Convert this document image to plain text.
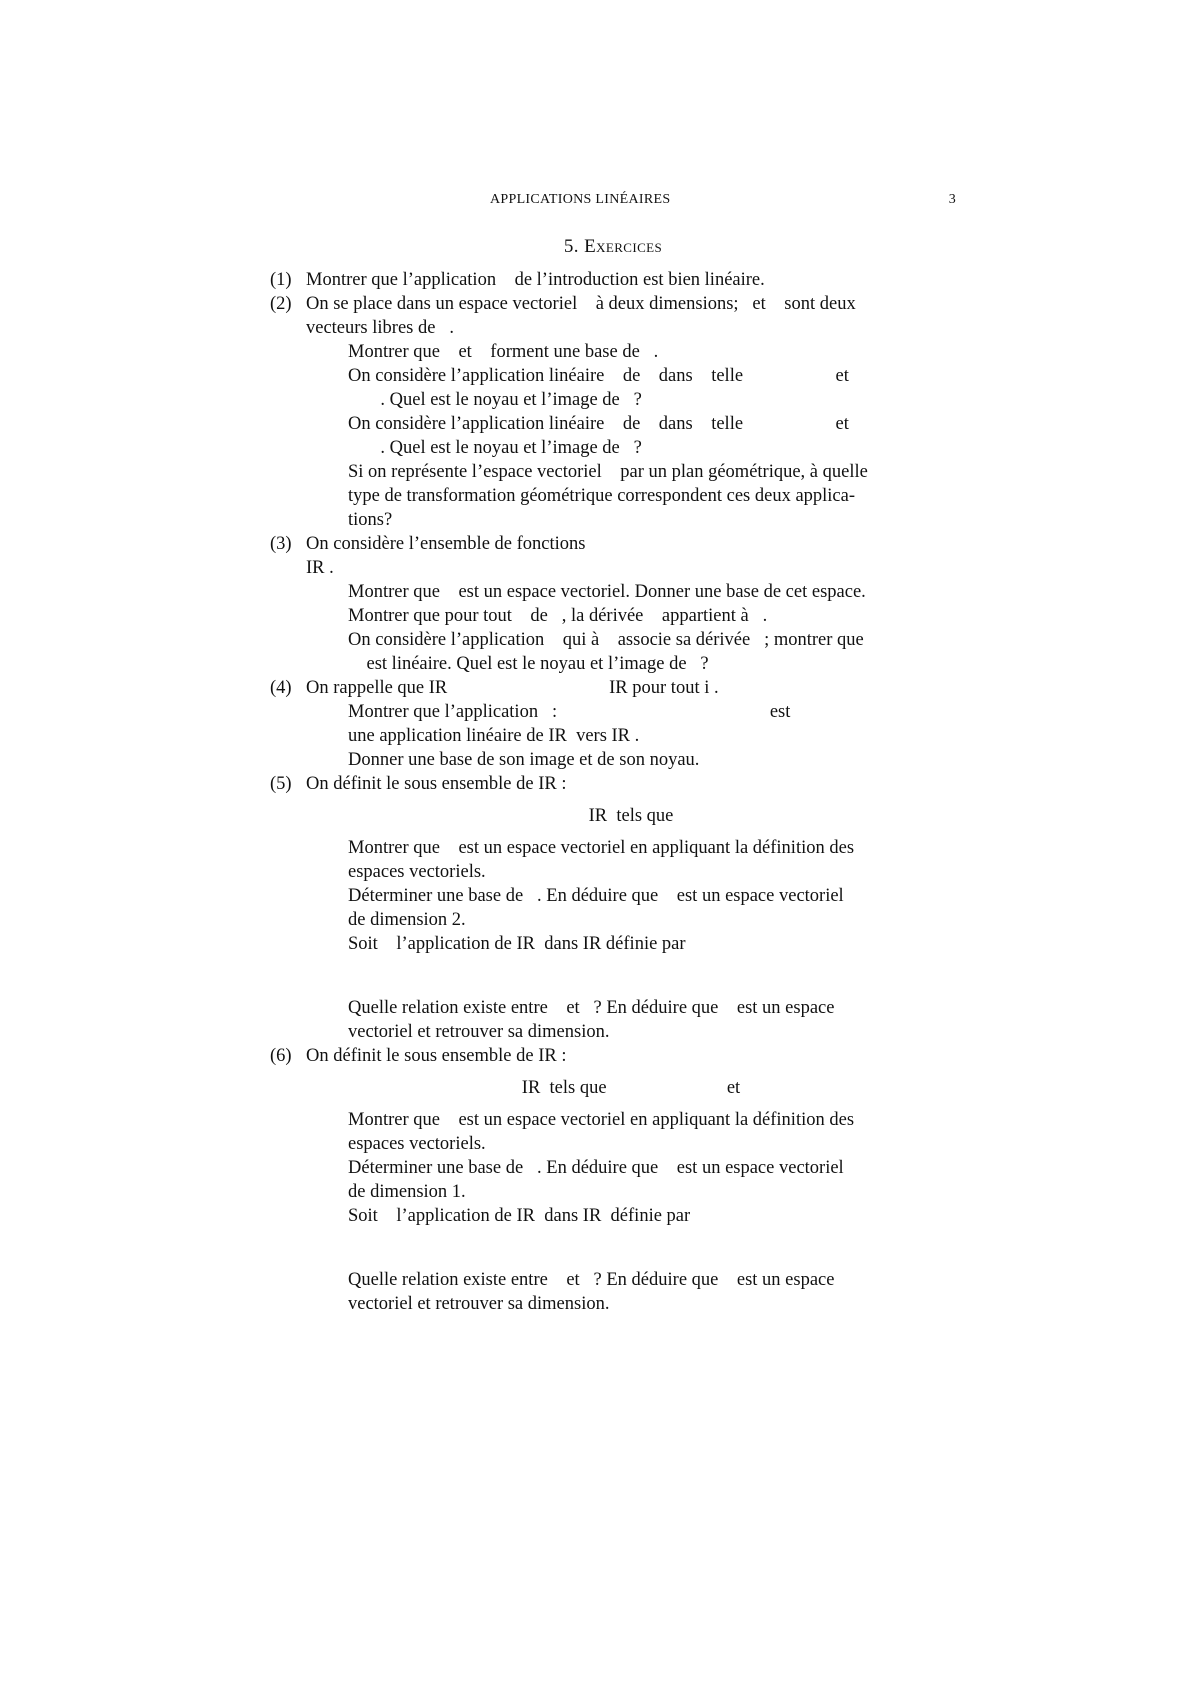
APPLICATIONS LINÉAIRES	3
5. Exercices
(1) Montrer que l’application    de l’introduction est bien linéaire.
(2) On se place dans un espace vectoriel    à deux dimensions;   et    sont deux
vecteurs libres de   .
Montrer que    et    forment une base de   .
On considère l’application linéaire    de    dans    telle                    et
. Quel est le noyau et l’image de   ?
On considère l’application linéaire    de    dans    telle                    et
. Quel est le noyau et l’image de   ?
Si on représente l’espace vectoriel    par un plan géométrique, à quelle
type de transformation géométrique correspondent ces deux applica-
tions?
(3) On considère l’ensemble de fonctions
IR .
Montrer que    est un espace vectoriel. Donner une base de cet espace.
Montrer que pour tout    de   , la dérivée    appartient à   .
On considère l’application    qui à    associe sa dérivée   ; montrer que
est linéaire. Quel est le noyau et l’image de   ?
(4) On rappelle que IR                                   IR pour tout i .
Montrer que l’application   :                                              est
une application linéaire de IR  vers IR .
Donner une base de son image et de son noyau.
(5) On définit le sous ensemble de IR :
IR  tels que
Montrer que    est un espace vectoriel en appliquant la définition des
espaces vectoriels.
Déterminer une base de   . En déduire que    est un espace vectoriel
de dimension 2.
Soit    l’application de IR  dans IR définie par
Quelle relation existe entre    et   ? En déduire que    est un espace
vectoriel et retrouver sa dimension.
(6) On définit le sous ensemble de IR :
IR  tels que                          et
Montrer que    est un espace vectoriel en appliquant la définition des
espaces vectoriels.
Déterminer une base de   . En déduire que    est un espace vectoriel
de dimension 1.
Soit    l’application de IR  dans IR  définie par
Quelle relation existe entre    et   ? En déduire que    est un espace
vectoriel et retrouver sa dimension.
